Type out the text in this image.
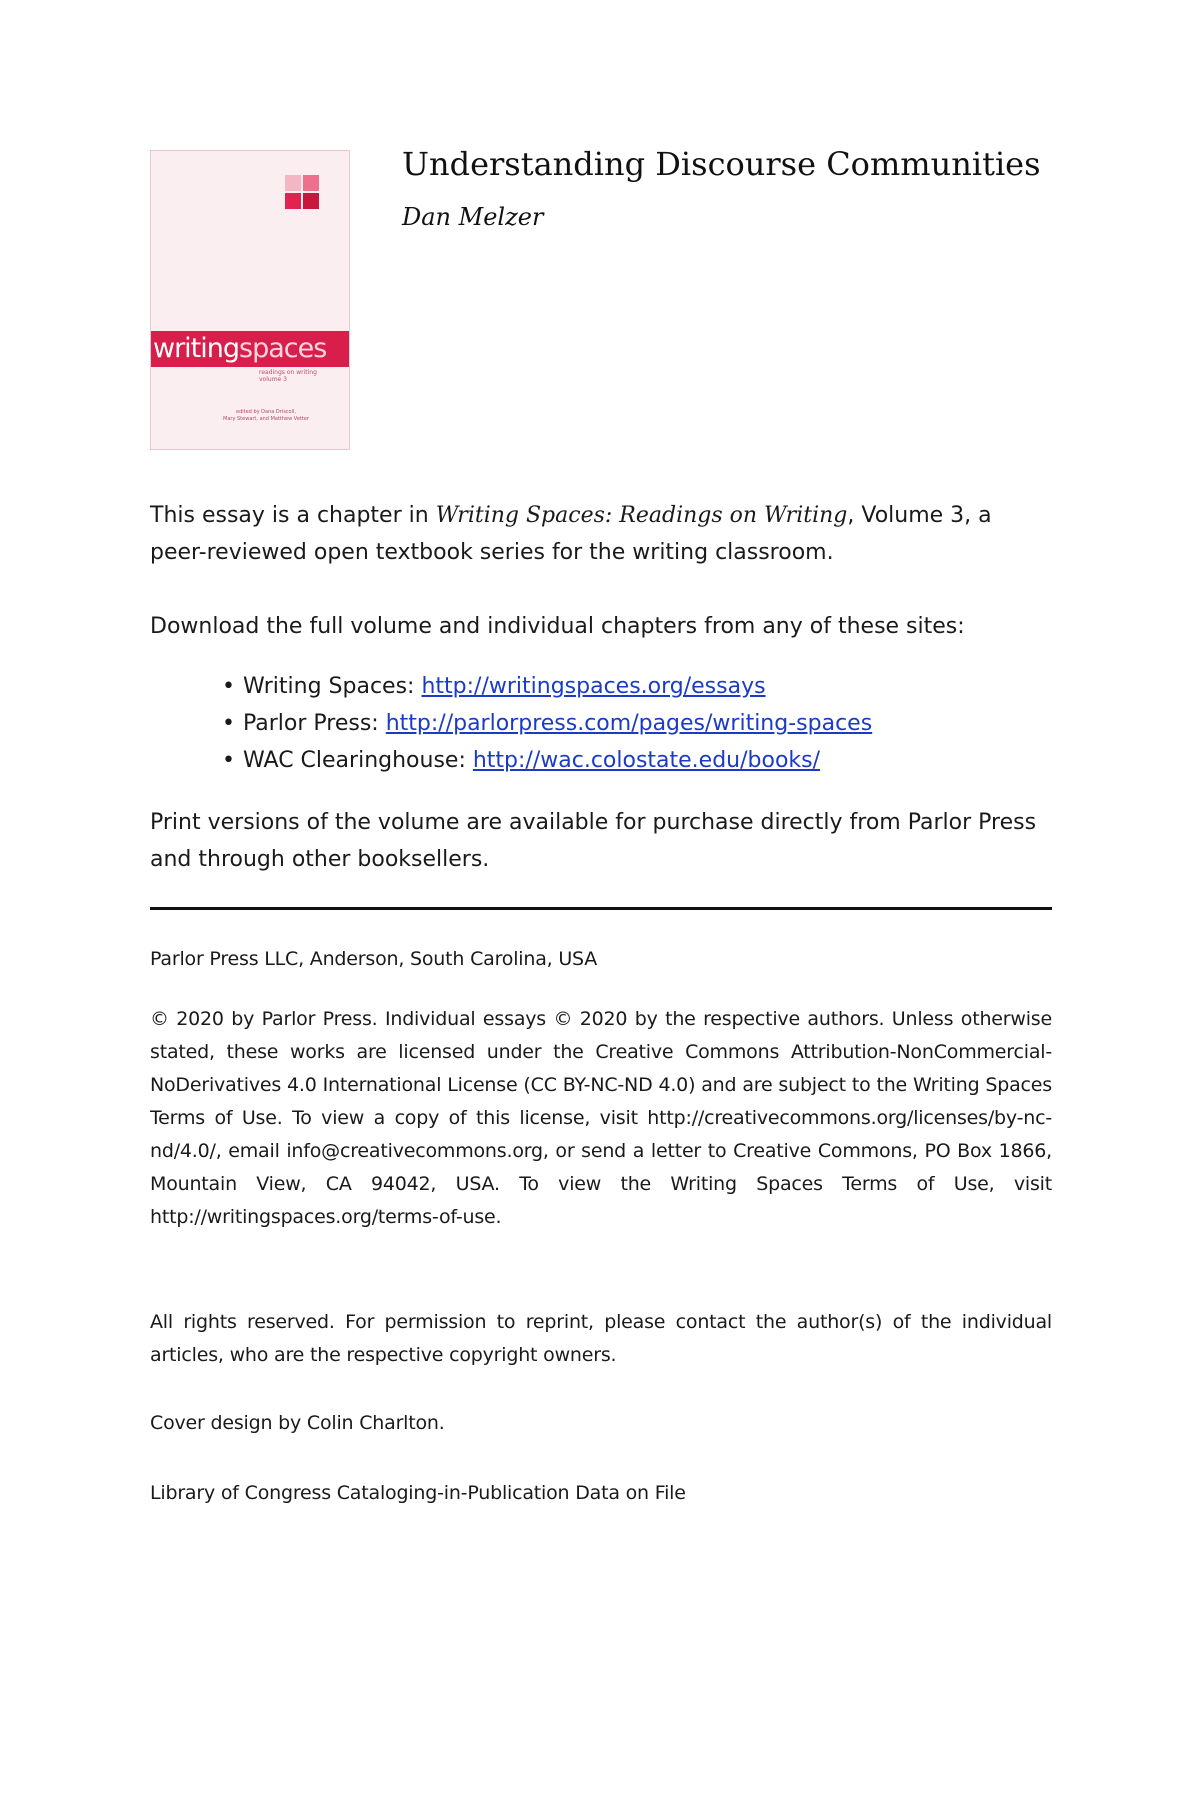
writingspaces
readings on writing
volume 3
edited by Dana Driscoll,
Mary Stewart, and Matthew Vetter
Understanding Discourse Communities
Dan Melzer

This essay is a chapter in Writing Spaces: Readings on Writing, Volume 3, a peer-reviewed open textbook series for the writing classroom.

Download the full volume and individual chapters from any of these sites:

• Writing Spaces: http://writingspaces.org/essays
• Parlor Press: http://parlorpress.com/pages/writing-spaces
• WAC Clearinghouse: http://wac.colostate.edu/books/

Print versions of the volume are available for purchase directly from Parlor Press and through other booksellers.

Parlor Press LLC, Anderson, South Carolina, USA

© 2020 by Parlor Press. Individual essays © 2020 by the respective authors. Unless otherwise stated, these works are licensed under the Creative Commons Attribution-NonCommercial-NoDerivatives 4.0 International License (CC BY-NC-ND 4.0) and are subject to the Writing Spaces Terms of Use. To view a copy of this license, visit http://creativecommons.org/licenses/by-nc-nd/4.0/, email info@creativecommons.org, or send a letter to Creative Commons, PO Box 1866, Mountain View, CA 94042, USA. To view the Writing Spaces Terms of Use, visit http://writingspaces.org/terms-of-use.

All rights reserved. For permission to reprint, please contact the author(s) of the individual articles, who are the respective copyright owners.

Cover design by Colin Charlton.

Library of Congress Cataloging-in-Publication Data on File
